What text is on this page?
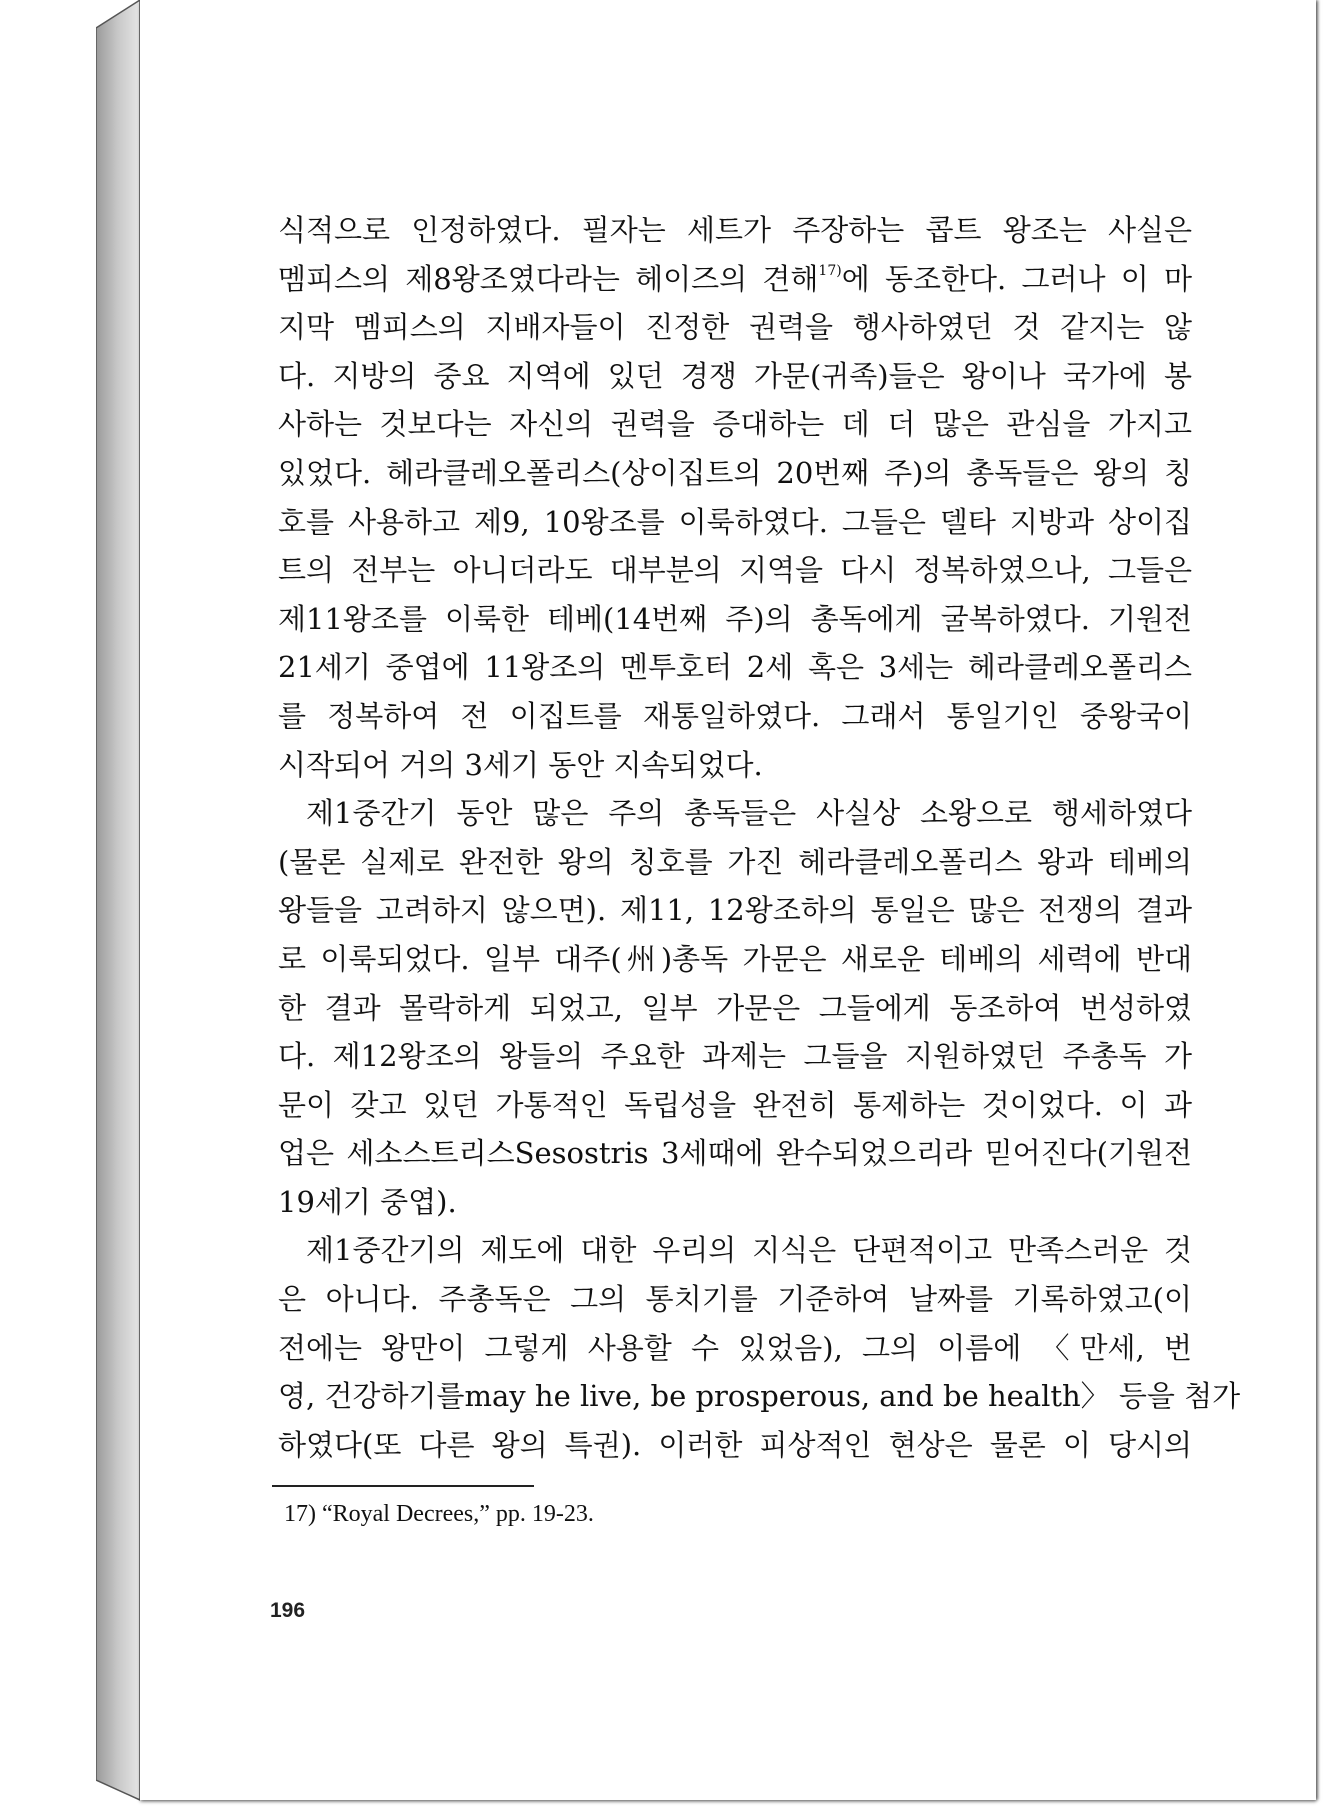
식적으로 인정하였다. 필자는 세트가 주장하는 콥트 왕조는 사실은
멤피스의 제8왕조였다라는 헤이즈의 견해$^{17)}$에 동조한다. 그러나 이 마
지막 멤피스의 지배자들이 진정한 권력을 행사하였던 것 같지는 않
다. 지방의 중요 지역에 있던 경쟁 가문(귀족)들은 왕이나 국가에 봉
사하는 것보다는 자신의 권력을 증대하는 데 더 많은 관심을 가지고
있었다. 헤라클레오폴리스(상이집트의 20번째 주)의 총독들은 왕의 칭
호를 사용하고 제9, 10왕조를 이룩하였다. 그들은 델타 지방과 상이집
트의 전부는 아니더라도 대부분의 지역을 다시 정복하였으나, 그들은
제11왕조를 이룩한 테베(14번째 주)의 총독에게 굴복하였다. 기원전
21세기 중엽에 11왕조의 멘투호터 2세 혹은 3세는 헤라클레오폴리스
를 정복하여 전 이집트를 재통일하였다. 그래서 통일기인 중왕국이
시작되어 거의 3세기 동안 지속되었다.

제1중간기 동안 많은 주의 총독들은 사실상 소왕으로 행세하였다
(물론 실제로 완전한 왕의 칭호를 가진 헤라클레오폴리스 왕과 테베의
왕들을 고려하지 않으면). 제11, 12왕조하의 통일은 많은 전쟁의 결과
로 이룩되었다. 일부 대주(州)총독 가문은 새로운 테베의 세력에 반대
한 결과 몰락하게 되었고, 일부 가문은 그들에게 동조하여 번성하였
다. 제12왕조의 왕들의 주요한 과제는 그들을 지원하였던 주총독 가
문이 갖고 있던 가통적인 독립성을 완전히 통제하는 것이었다. 이 과
업은 세소스트리스Sesostris 3세때에 완수되었으리라 믿어진다(기원전
19세기 중엽).

제1중간기의 제도에 대한 우리의 지식은 단편적이고 만족스러운 것
은 아니다. 주총독은 그의 통치기를 기준하여 날짜를 기록하였고(이
전에는 왕만이 그렇게 사용할 수 있었음), 그의 이름에 〈만세, 번
영, 건강하기를may he live, be prosperous, and be health〉 등을 첨가
하였다(또 다른 왕의 특권). 이러한 피상적인 현상은 물론 이 당시의

17) “Royal Decrees,” pp. 19-23.
196
